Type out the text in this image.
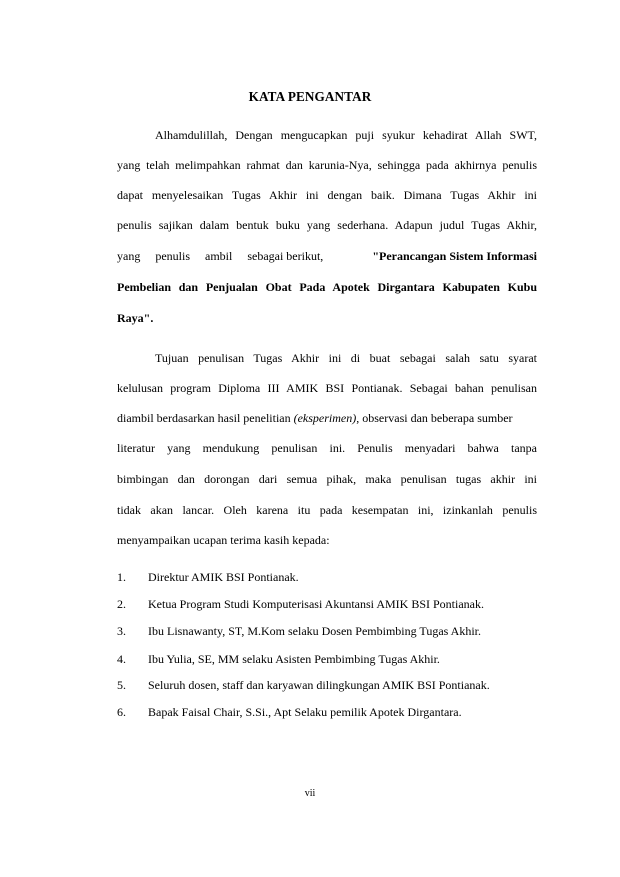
KATA PENGANTAR
Alhamdulillah, Dengan mengucapkan puji syukur kehadirat Allah SWT,
yang telah melimpahkan rahmat dan karunia-Nya, sehingga pada akhirnya penulis
dapat menyelesaikan Tugas Akhir ini dengan baik. Dimana Tugas Akhir ini
penulis sajikan dalam bentuk buku yang sederhana. Adapun judul Tugas Akhir,
yang     penulis     ambil     sebagai berikut,	"Perancangan Sistem Informasi
Pembelian dan Penjualan Obat Pada Apotek Dirgantara Kabupaten Kubu
Raya".
Tujuan penulisan Tugas Akhir ini di buat sebagai salah satu syarat
kelulusan program Diploma III AMIK BSI Pontianak. Sebagai bahan penulisan
diambil berdasarkan hasil penelitian (eksperimen), observasi dan beberapa sumber
literatur yang mendukung penulisan ini. Penulis menyadari bahwa tanpa
bimbingan dan dorongan dari semua pihak, maka penulisan tugas akhir ini
tidak akan lancar. Oleh karena itu pada kesempatan ini, izinkanlah penulis
menyampaikan ucapan terima kasih kepada:
1. Direktur AMIK BSI Pontianak.
2. Ketua Program Studi Komputerisasi Akuntansi AMIK BSI Pontianak.
3. Ibu Lisnawanty, ST, M.Kom selaku Dosen Pembimbing Tugas Akhir.
4. Ibu Yulia, SE, MM selaku Asisten Pembimbing Tugas Akhir.
5. Seluruh dosen, staff dan karyawan dilingkungan AMIK BSI Pontianak.
6. Bapak Faisal Chair, S.Si., Apt Selaku pemilik Apotek Dirgantara.
vii
